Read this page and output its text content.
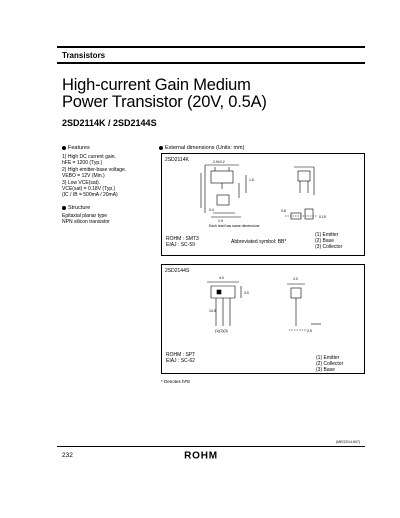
Transistors
High-current Gain Medium
Power Transistor (20V, 0.5A)
2SD2114K / 2SD2144S
Features
1) High DC current gain.
hFE = 1200 (Typ.)
2) High emitter-base voltage.
VEBO = 12V (Min.)
3) Low VCE(sat).
VCE(sat) = 0.18V (Typ.)
(IC / IB = 500mA / 20mA)
Structure
Epitaxial planar type
NPN silicon transistor
External dimensions (Units: mm)
2SD2114K	2.9±0.2
1.6
0.4
1.9
0.8
0.15
Each lead has same dimensions
ROHM : SMT3
EIAJ : SC-59	Abbreviated symbol: BB*
(1) Emitter
(2) Base
(3) Collector
2SD2144S
4.0
3.0
14.5
2.0
2.5
(1)(2)(3)
ROHM : SPT
EIAJ : SC-62	(1) Emitter
(2) Collector
(3) Base
* Denotes hFE
(MEG2/14-607)
232	ROHM
